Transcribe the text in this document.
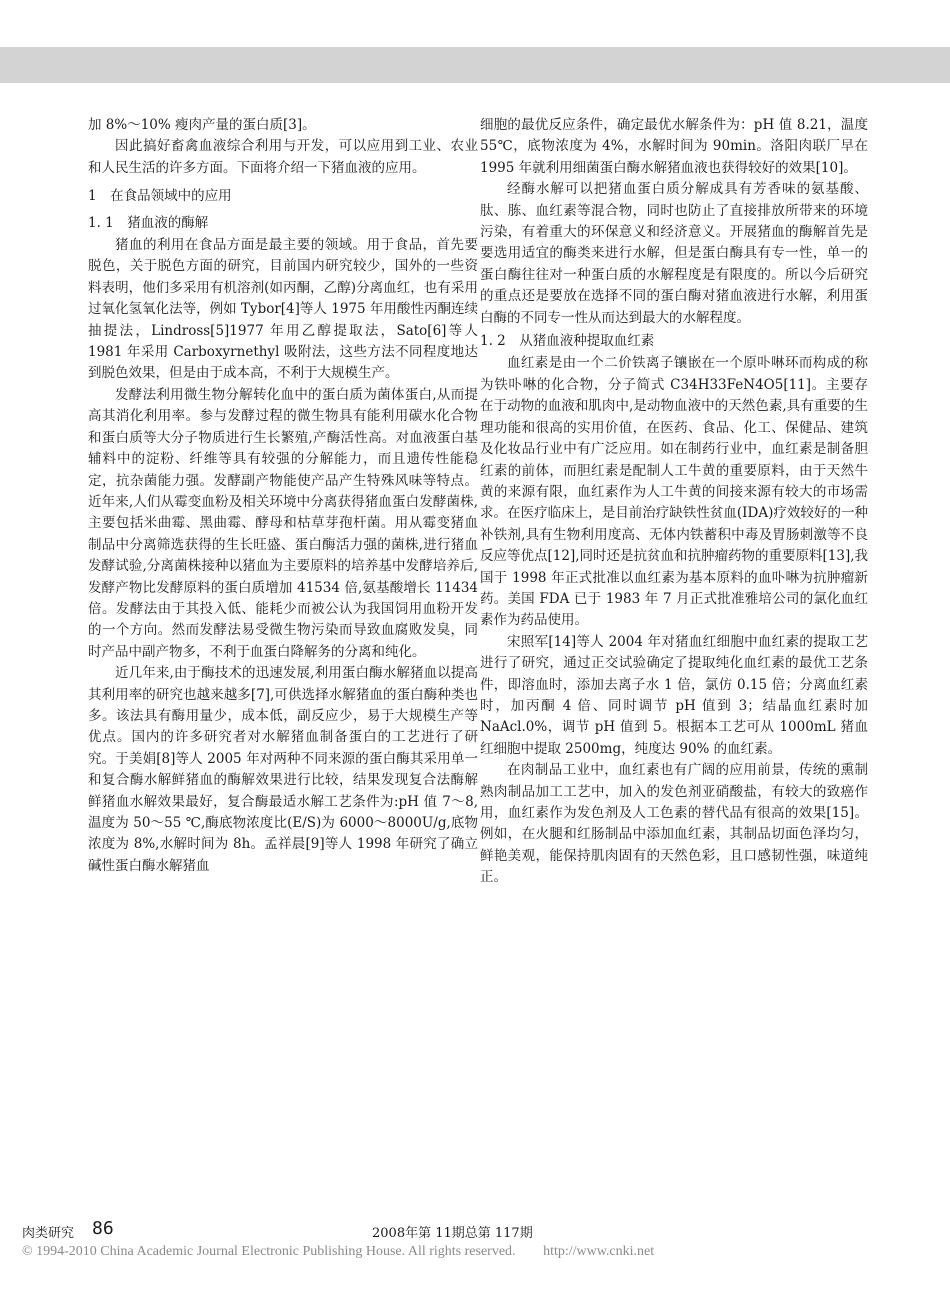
加 8%～10% 瘦肉产量的蛋白质[3]。

因此搞好畜禽血液综合利用与开发，可以应用到工业、农业和人民生活的许多方面。下面将介绍一下猪血液的应用。

1　在食品领域中的应用
1. 1　猪血液的酶解

猪血的利用在食品方面是最主要的领域。用于食品，首先要脱色，关于脱色方面的研究，目前国内研究较少，国外的一些资料表明，他们多采用有机溶剂(如丙酮，乙醇)分离血红，也有采用过氧化氢氧化法等，例如 Tybor[4]等人 1975 年用酸性丙酮连续抽提法，Lindross[5]1977 年用乙醇提取法，Sato[6]等人 1981 年采用 Carboxyrnethyl 吸附法，这些方法不同程度地达到脱色效果，但是由于成本高，不利于大规模生产。

发酵法利用微生物分解转化血中的蛋白质为菌体蛋白,从而提高其消化利用率。参与发酵过程的微生物具有能利用碳水化合物和蛋白质等大分子物质进行生长繁殖,产酶活性高。对血液蛋白基辅料中的淀粉、纤维等具有较强的分解能力，而且遗传性能稳定，抗杂菌能力强。发酵副产物能使产品产生特殊风味等特点。近年来,人们从霉变血粉及相关环境中分离获得猪血蛋白发酵菌株,主要包括米曲霉、黑曲霉、酵母和枯草芽孢杆菌。用从霉变猪血制品中分离筛选获得的生长旺盛、蛋白酶活力强的菌株,进行猪血发酵试验,分离菌株接种以猪血为主要原料的培养基中发酵培养后,发酵产物比发酵原料的蛋白质增加 41534 倍,氨基酸增长 11434 倍。发酵法由于其投入低、能耗少而被公认为我国饲用血粉开发的一个方向。然而发酵法易受微生物污染而导致血腐败发臭，同时产品中副产物多，不利于血蛋白降解务的分离和纯化。

近几年来,由于酶技术的迅速发展,利用蛋白酶水解猪血以提高其利用率的研究也越来越多[7],可供选择水解猪血的蛋白酶种类也多。该法具有酶用量少，成本低，副反应少，易于大规模生产等优点。国内的许多研究者对水解猪血制备蛋白的工艺进行了研究。于美娟[8]等人 2005 年对两种不同来源的蛋白酶其采用单一和复合酶水解鲜猪血的酶解效果进行比较，结果发现复合法酶解鲜猪血水解效果最好，复合酶最适水解工艺条件为:pH 值 7～8,温度为 50～55 ℃,酶底物浓度比(E/S)为 6000～8000U/g,底物浓度为 8%,水解时间为 8h。孟祥晨[9]等人 1998 年研究了确立碱性蛋白酶水解猪血

细胞的最优反应条件，确定最优水解条件为：pH 值 8.21，温度 55℃，底物浓度为 4%，水解时间为 90min。洛阳肉联厂早在 1995 年就利用细菌蛋白酶水解猪血液也获得较好的效果[10]。

经酶水解可以把猪血蛋白质分解成具有芳香味的氨基酸、肽、胨、血红素等混合物，同时也防止了直接排放所带来的环境污染，有着重大的环保意义和经济意义。开展猪血的酶解首先是要选用适宜的酶类来进行水解，但是蛋白酶具有专一性，单一的蛋白酶往往对一种蛋白质的水解程度是有限度的。所以今后研究的重点还是要放在选择不同的蛋白酶对猪血液进行水解，利用蛋白酶的不同专一性从而达到最大的水解程度。

1. 2　从猪血液种提取血红素

血红素是由一个二价铁离子镶嵌在一个原卟啉环而构成的称为铁卟啉的化合物，分子简式 C34H33FeN4O5[11]。主要存在于动物的血液和肌肉中,是动物血液中的天然色素,具有重要的生理功能和很高的实用价值，在医药、食品、化工、保健品、建筑及化妆品行业中有广泛应用。如在制药行业中，血红素是制备胆红素的前体，而胆红素是配制人工牛黄的重要原料，由于天然牛黄的来源有限，血红素作为人工牛黄的间接来源有较大的市场需求。在医疗临床上，是目前治疗缺铁性贫血(IDA)疗效较好的一种补铁剂,具有生物利用度高、无体内铁蓄积中毒及胃肠刺激等不良反应等优点[12],同时还是抗贫血和抗肿瘤药物的重要原料[13],我国于 1998 年正式批准以血红素为基本原料的血卟啉为抗肿瘤新药。美国 FDA 已于 1983 年 7 月正式批准雅培公司的氯化血红素作为药品使用。

宋照军[14]等人 2004 年对猪血红细胞中血红素的提取工艺进行了研究，通过正交试验确定了提取纯化血红素的最优工艺条件，即溶血时，添加去离子水 1 倍，氯仿 0.15 倍；分离血红素时，加丙酮 4 倍、同时调节 pH 值到 3；结晶血红素时加 NaAcl.0%，调节 pH 值到 5。根据本工艺可从 1000mL 猪血红细胞中提取 2500mg，纯度达 90% 的血红素。

在肉制品工业中，血红素也有广阔的应用前景，传统的熏制熟肉制品加工工艺中，加入的发色剂亚硝酸盐，有较大的致癌作用，血红素作为发色剂及人工色素的替代品有很高的效果[15]。例如，在火腿和红肠制品中添加血红素，其制品切面色泽均匀，鲜艳美观，能保持肌肉固有的天然色彩，且口感韧性强，味道纯正。

肉类研究 86	2008年第 11期总第 117期
© 1994-2010 China Academic Journal Electronic Publishing House. All rights reserved. http://www.cnki.net
